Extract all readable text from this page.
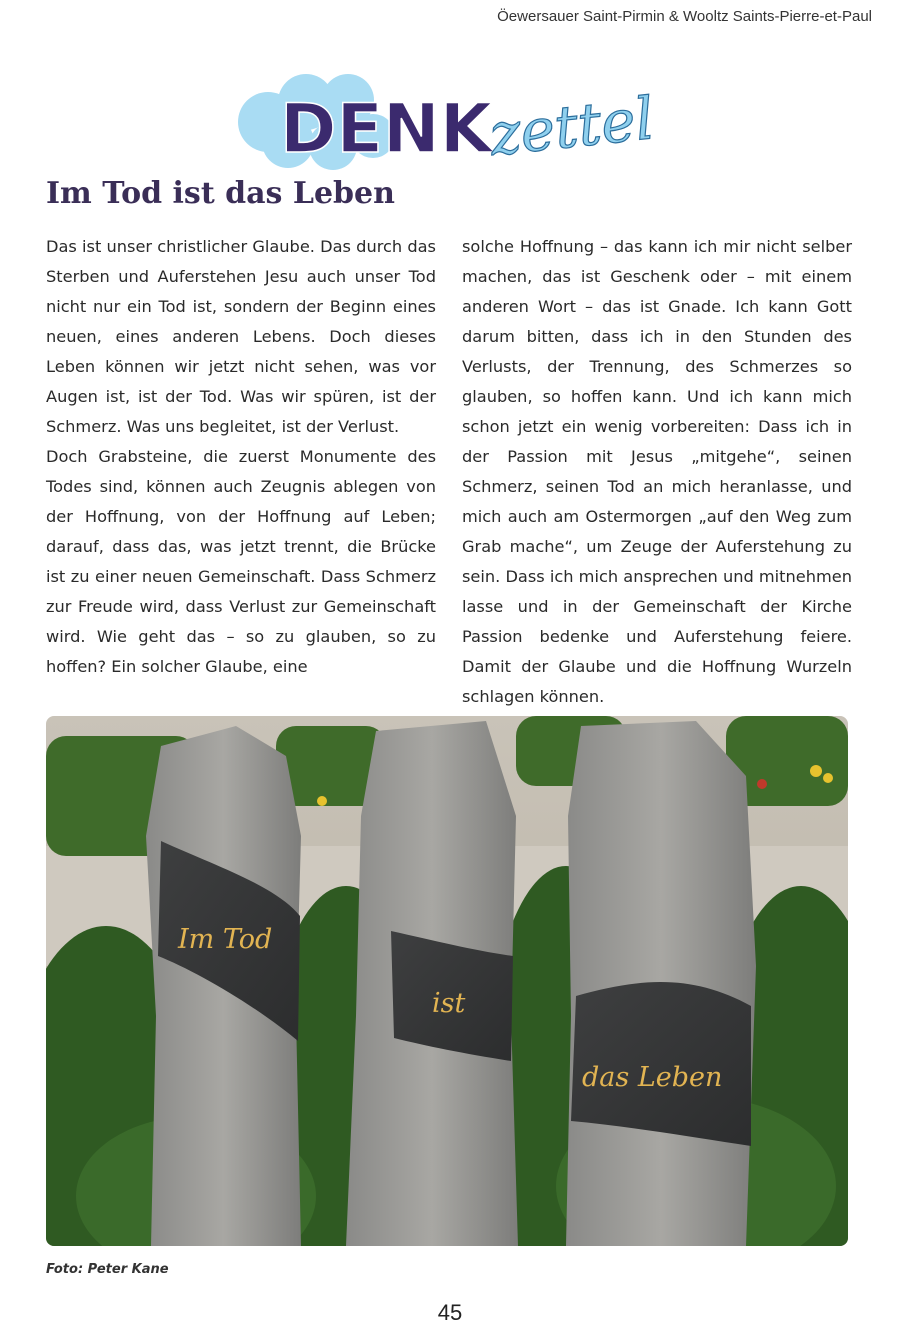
Öewersauer Saint-Pirmin & Wooltz Saints-Pierre-et-Paul
DENK
zettel
Im Tod ist das Leben

Das ist unser christlicher Glaube. Das durch das Sterben und Auferstehen Jesu auch unser Tod nicht nur ein Tod ist, sondern der Beginn eines neuen, eines anderen Lebens. Doch dieses Leben können wir jetzt nicht sehen, was vor Augen ist, ist der Tod. Was wir spüren, ist der Schmerz. Was uns begleitet, ist der Verlust.

Doch Grabsteine, die zuerst Monumente des Todes sind, können auch Zeugnis ablegen von der Hoffnung, von der Hoffnung auf Leben; darauf, dass das, was jetzt trennt, die Brücke ist zu einer neuen Gemeinschaft. Dass Schmerz zur Freude wird, dass Verlust zur Gemeinschaft wird. Wie geht das – so zu glauben, so zu hoffen? Ein solcher Glaube, eine

solche Hoffnung – das kann ich mir nicht selber machen, das ist Geschenk oder – mit einem anderen Wort – das ist Gnade. Ich kann Gott darum bitten, dass ich in den Stunden des Verlusts, der Trennung, des Schmerzes so glauben, so hoffen kann. Und ich kann mich schon jetzt ein wenig vorbereiten: Dass ich in der Passion mit Jesus „mitgehe“, seinen Schmerz, seinen Tod an mich heranlasse, und mich auch am Ostermorgen „auf den Weg zum Grab mache“, um Zeuge der Auferstehung zu sein. Dass ich mich ansprechen und mitnehmen lasse und in der Gemeinschaft der Kirche Passion bedenke und Auferstehung feiere. Damit der Glaube und die Hoffnung Wurzeln schlagen können.

Im Tod
ist
das Leben
Foto: Peter Kane
45
